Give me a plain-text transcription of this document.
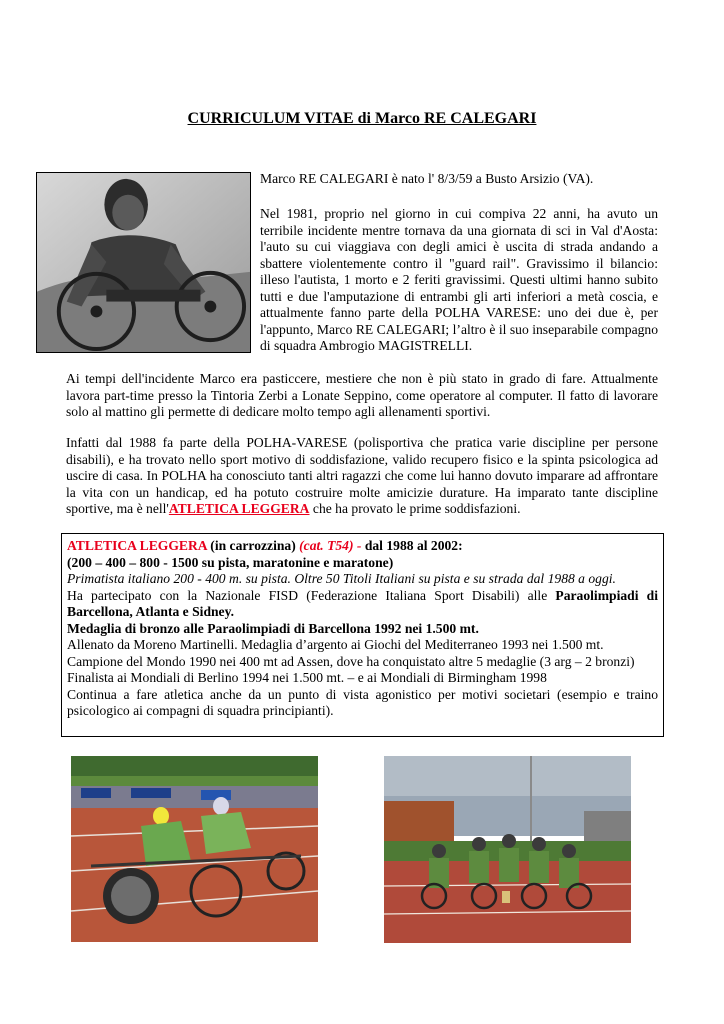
CURRICULUM VITAE di Marco RE CALEGARI

Marco RE CALEGARI è nato l' 8/3/59 a Busto Arsizio (VA).

Nel 1981, proprio nel giorno in cui compiva 22 anni, ha avuto un terribile incidente mentre tornava da una giornata di sci in Val d'Aosta: l'auto su cui viaggiava con degli amici è uscita di strada andando a sbattere violentemente contro il "guard rail". Gravissimo il bilancio: illeso l'autista, 1 morto e 2 feriti gravissimi. Questi ultimi hanno subito tutti e due l'amputazione di entrambi gli arti inferiori a metà coscia, e attualmente fanno parte della POLHA VARESE: uno dei due è, per l'appunto, Marco RE CALEGARI; l’altro è il suo inseparabile compagno di squadra Ambrogio MAGISTRELLI.

Ai tempi dell'incidente Marco era pasticcere, mestiere che non è più stato in grado di fare. Attualmente lavora part-time presso la Tintoria Zerbi a Lonate Seppino, come operatore al computer. Il fatto di lavorare solo al mattino gli permette di dedicare molto tempo agli allenamenti sportivi.

Infatti dal 1988 fa parte della POLHA-VARESE (polisportiva che pratica varie discipline per persone disabili), e ha trovato nello sport motivo di soddisfazione, valido recupero fisico e la spinta psicologica ad uscire di casa. In POLHA ha conosciuto tanti altri ragazzi che come lui hanno dovuto imparare ad affrontare la vita con un handicap, ed ha potuto costruire molte amicizie durature. Ha imparato tante discipline sportive, ma è nell'ATLETICA LEGGERA che ha provato le prime soddisfazioni.

ATLETICA LEGGERA (in carrozzina) (cat. T54) - dal 1988 al 2002:

(200 – 400 – 800 - 1500 su pista, maratonine e maratone)

Primatista italiano 200 - 400 m. su pista. Oltre 50 Titoli Italiani su pista e su strada dal 1988 a oggi.

Ha partecipato con la Nazionale FISD (Federazione Italiana Sport Disabili) alle Paraolimpiadi di Barcellona, Atlanta e Sidney.

Medaglia di bronzo alle Paraolimpiadi di Barcellona 1992 nei 1.500 mt.

Allenato da Moreno Martinelli. Medaglia d’argento ai Giochi del Mediterraneo 1993 nei 1.500 mt.

Campione del Mondo 1990 nei 400 mt ad Assen, dove ha conquistato altre 5 medaglie (3 arg – 2 bronzi)

Finalista ai Mondiali di Berlino 1994 nei 1.500 mt. – e ai Mondiali di Birmingham 1998

Continua a fare atletica anche da un punto di vista agonistico per motivi societari (esempio e traino psicologico ai compagni di squadra principianti).
